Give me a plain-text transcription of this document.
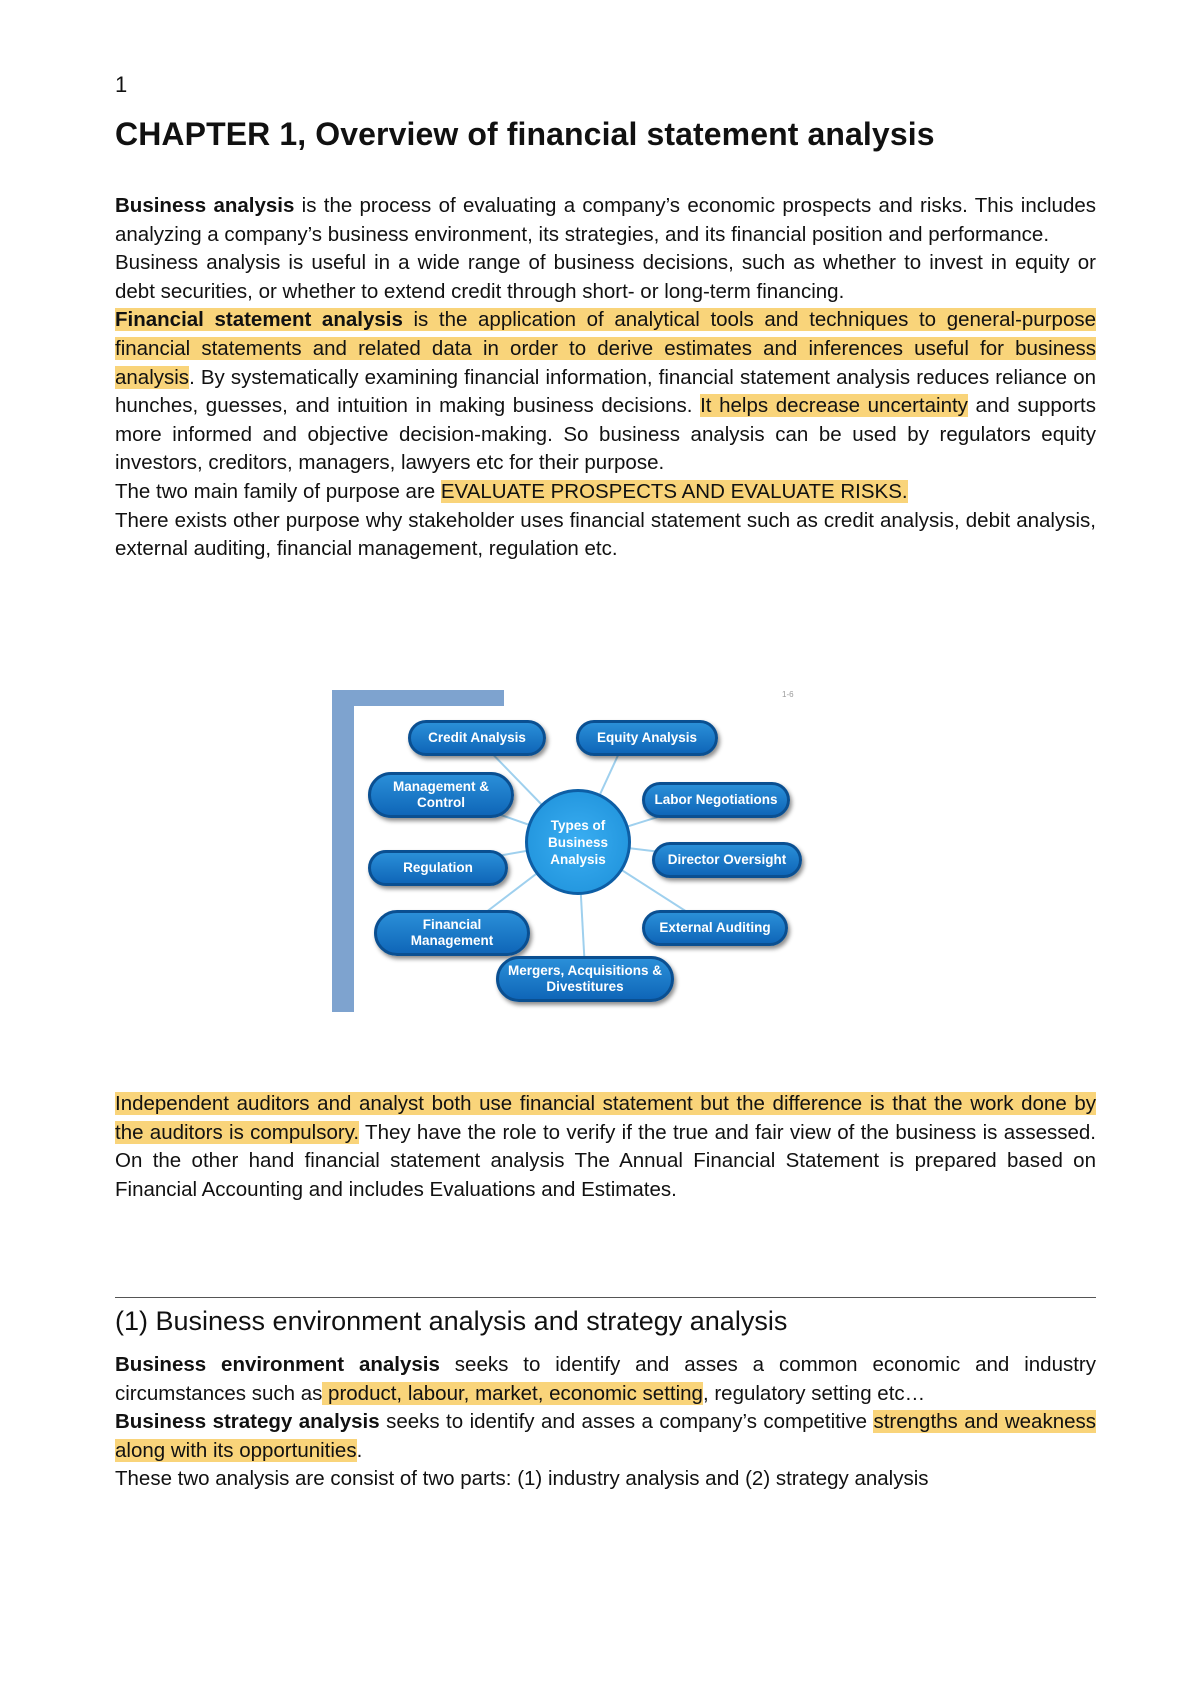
1
CHAPTER 1, Overview of financial statement analysis

Business analysis is the process of evaluating a company’s economic prospects and risks. This includes analyzing a company’s business environment, its strategies, and its financial position and performance.

Business analysis is useful in a wide range of business decisions, such as whether to invest in equity or debt securities, or whether to extend credit through short- or long-term financing.

Financial statement analysis is the application of analytical tools and techniques to general-purpose financial statements and related data in order to derive estimates and inferences useful for business analysis. By systematically examining financial information, financial statement analysis reduces reliance on hunches, guesses, and intuition in making business decisions. It helps decrease uncertainty and supports more informed and objective decision-making. So business analysis can be used by regulators equity investors, creditors, managers, lawyers etc for their purpose.

The two main family of purpose are EVALUATE PROSPECTS AND EVALUATE RISKS.

There exists other purpose why stakeholder uses financial statement such as credit analysis, debit analysis, external auditing, financial management, regulation etc.

1-6
Types of Business Analysis
Credit Analysis	Equity Analysis
Management & Control	Labor Negotiations
Regulation
Director Oversight
Financial Management
External Auditing
Mergers, Acquisitions & Divestitures

Independent auditors and analyst both use financial statement but the difference is that the work done by the auditors is compulsory. They have the role to verify if the true and fair view of the business is assessed. On the other hand financial statement analysis The Annual Financial Statement is prepared based on Financial Accounting and includes Evaluations and Estimates.

(1) Business environment analysis and strategy analysis

Business environment analysis seeks to identify and asses a common economic and industry circumstances such as product, labour, market, economic setting, regulatory setting etc…

Business strategy analysis seeks to identify and asses a company’s competitive strengths and weakness along with its opportunities.

These two analysis are consist of two parts: (1) industry analysis and (2) strategy analysis
